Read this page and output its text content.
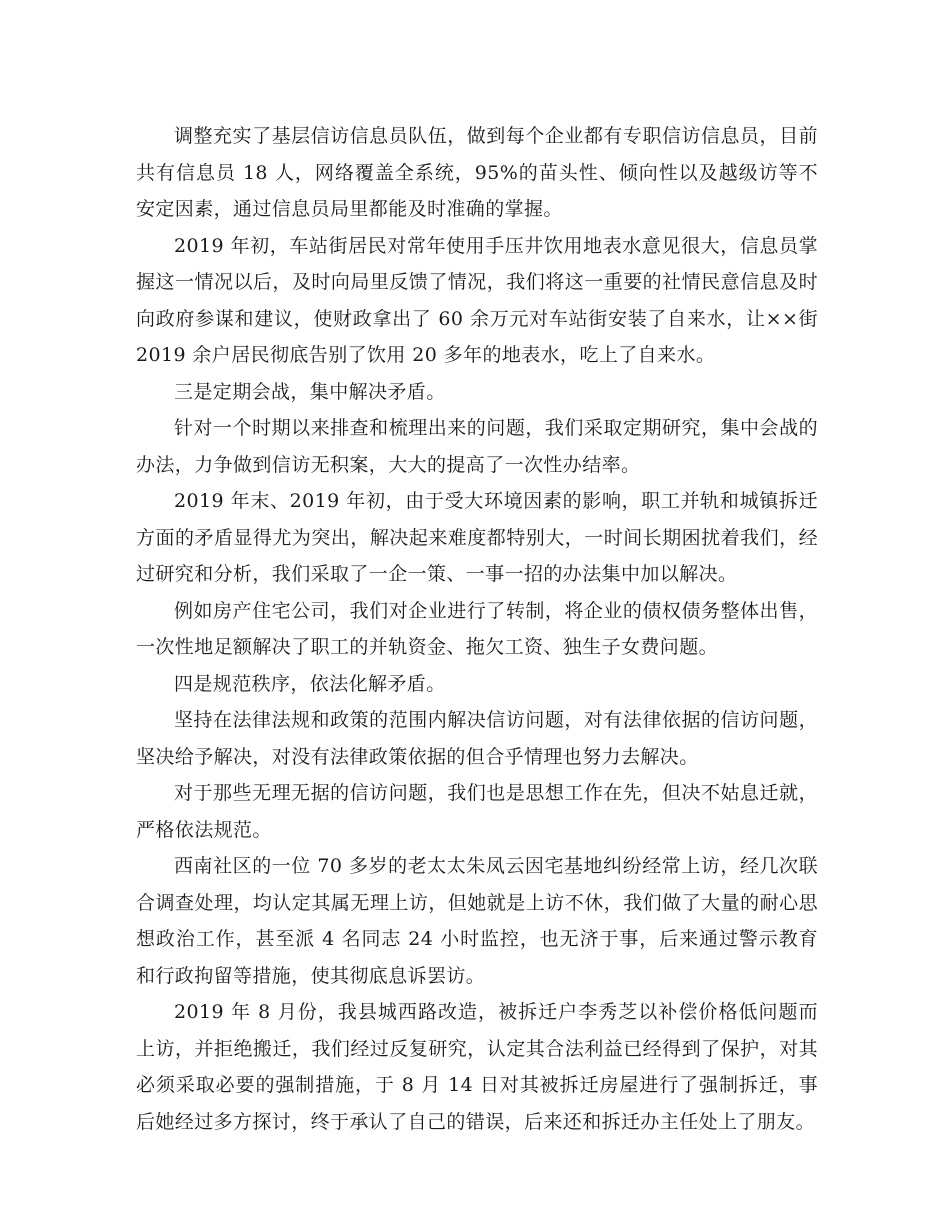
调整充实了基层信访信息员队伍，做到每个企业都有专职信访信息员，目前共有信息员 18 人，网络覆盖全系统，95%的苗头性、倾向性以及越级访等不安定因素，通过信息员局里都能及时准确的掌握。

2019 年初，车站街居民对常年使用手压井饮用地表水意见很大，信息员掌握这一情况以后，及时向局里反馈了情况，我们将这一重要的社情民意信息及时向政府参谋和建议，使财政拿出了 60 余万元对车站街安装了自来水，让××街 2019 余户居民彻底告别了饮用 20 多年的地表水，吃上了自来水。

三是定期会战，集中解决矛盾。

针对一个时期以来排查和梳理出来的问题，我们采取定期研究，集中会战的办法，力争做到信访无积案，大大的提高了一次性办结率。

2019 年末、2019 年初，由于受大环境因素的影响，职工并轨和城镇拆迁方面的矛盾显得尤为突出，解决起来难度都特别大，一时间长期困扰着我们，经过研究和分析，我们采取了一企一策、一事一招的办法集中加以解决。

例如房产住宅公司，我们对企业进行了转制，将企业的债权债务整体出售，一次性地足额解决了职工的并轨资金、拖欠工资、独生子女费问题。

四是规范秩序，依法化解矛盾。

坚持在法律法规和政策的范围内解决信访问题，对有法律依据的信访问题，坚决给予解决，对没有法律政策依据的但合乎情理也努力去解决。

对于那些无理无据的信访问题，我们也是思想工作在先，但决不姑息迁就，严格依法规范。

西南社区的一位 70 多岁的老太太朱凤云因宅基地纠纷经常上访，经几次联合调查处理，均认定其属无理上访，但她就是上访不休，我们做了大量的耐心思想政治工作，甚至派 4 名同志 24 小时监控，也无济于事，后来通过警示教育和行政拘留等措施，使其彻底息诉罢访。

2019 年 8 月份，我县城西路改造，被拆迁户李秀芝以补偿价格低问题而上访，并拒绝搬迁，我们经过反复研究，认定其合法利益已经得到了保护，对其必须采取必要的强制措施，于 8 月 14 日对其被拆迁房屋进行了强制拆迁，事后她经过多方探讨，终于承认了自己的错误，后来还和拆迁办主任处上了朋友。
